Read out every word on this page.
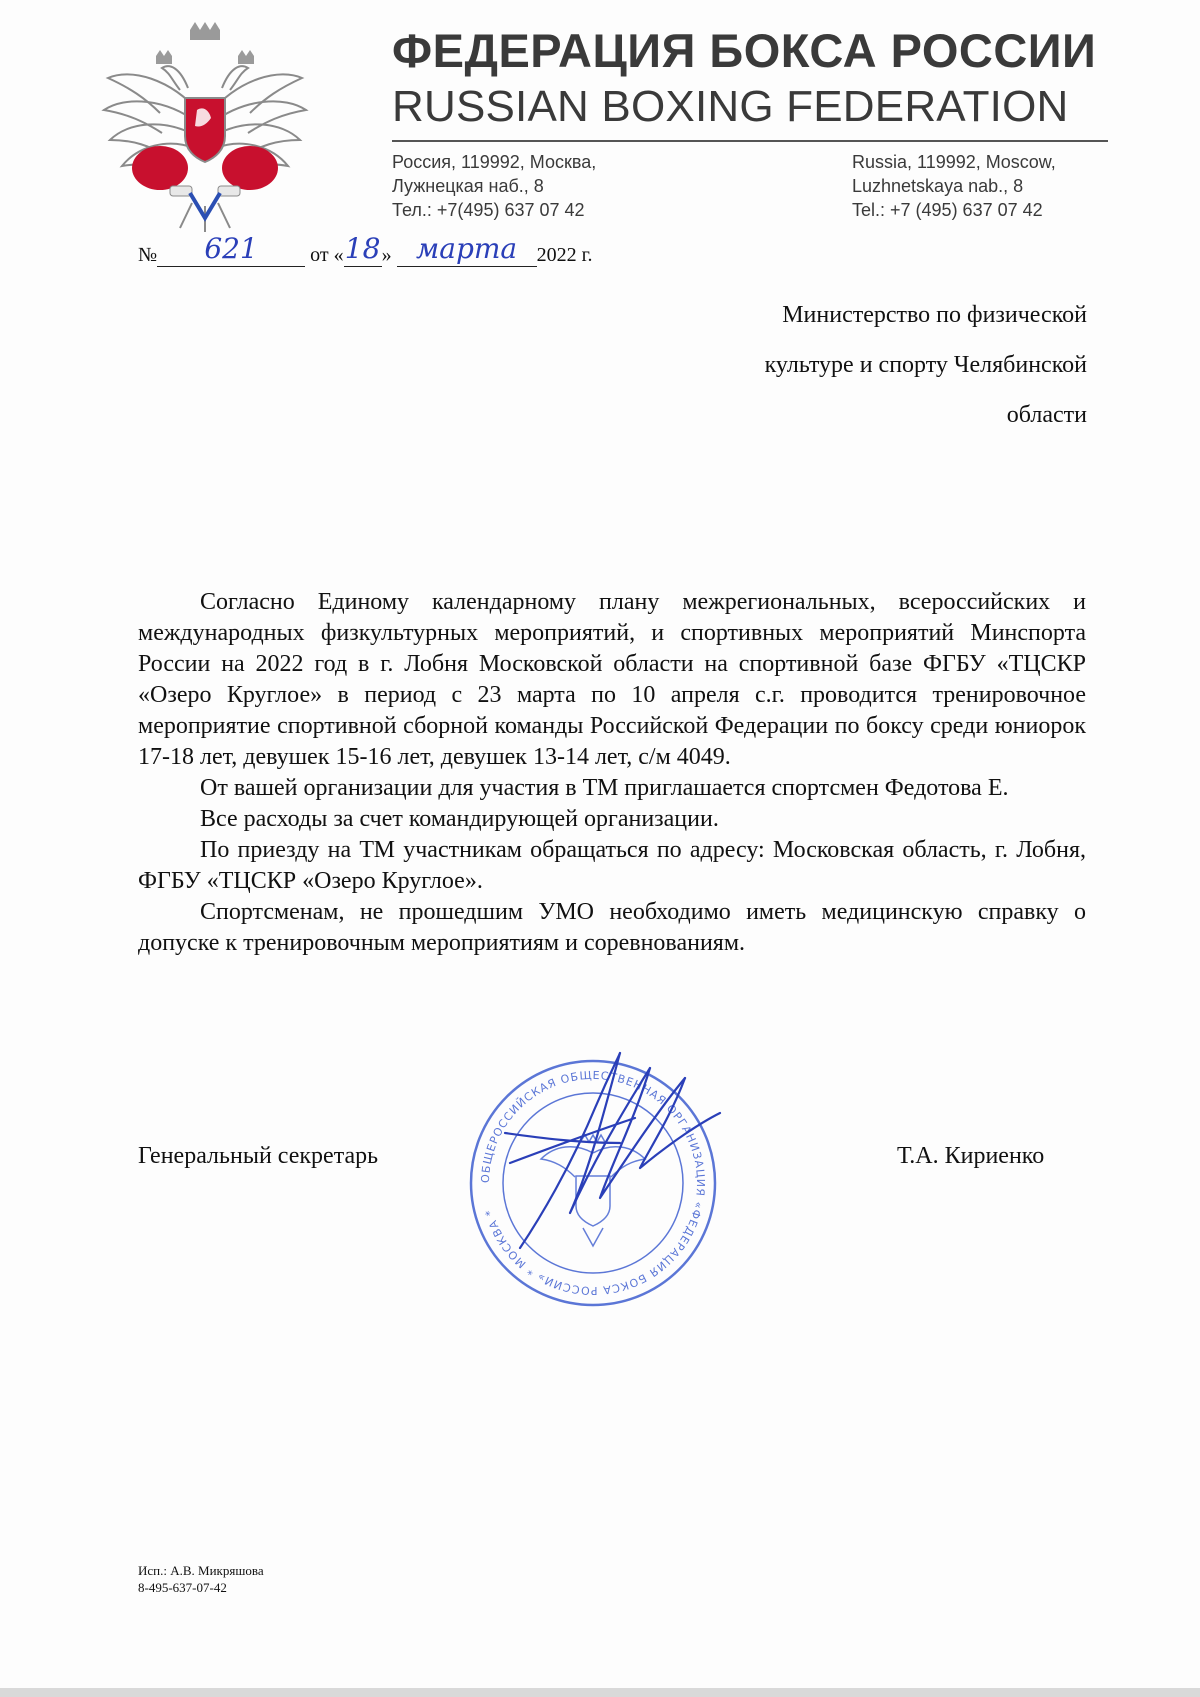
ФЕДЕРАЦИЯ БОКСА РОССИИ
RUSSIAN BOXING FEDERATION
Россия, 119992, Москва,
Лужнецкая наб., 8
Тел.: +7(495) 637 07 42
Russia, 119992, Moscow,
Luzhnetskaya nab., 8
Tel.: +7 (495) 637 07 42
№ 621	от «18» марта 2022 г.
Министерство по физической
культуре и спорту Челябинской
области

Согласно Единому календарному плану межрегиональных, всероссийских и международных физкультурных мероприятий, и спортивных мероприятий Минспорта России на 2022 год в г. Лобня Московской области на спортивной базе ФГБУ «ТЦСКР «Озеро Круглое» в период с 23 марта по 10 апреля с.г. проводится тренировочное мероприятие спортивной сборной команды Российской Федерации по боксу среди юниорок 17-18 лет, девушек 15-16 лет, девушек 13-14 лет, с/м 4049.

От вашей организации для участия в ТМ приглашается спортсмен Федотова Е.

Все расходы за счет командирующей организации.

По приезду на ТМ участникам обращаться по адресу: Московская область, г. Лобня, ФГБУ «ТЦСКР «Озеро Круглое».

Спортсменам, не прошедшим УМО необходимо иметь медицинскую справку о допуске к тренировочным мероприятиям и соревнованиям.

Генеральный секретарь	Т.А. Кириенко
ОБЩЕРОССИЙСКАЯ ОБЩЕСТВЕННАЯ ОРГАНИЗАЦИЯ «ФЕДЕРАЦИЯ БОКСА РОССИИ» * МОСКВА *
Исп.: А.В. Микряшова
8-495-637-07-42
